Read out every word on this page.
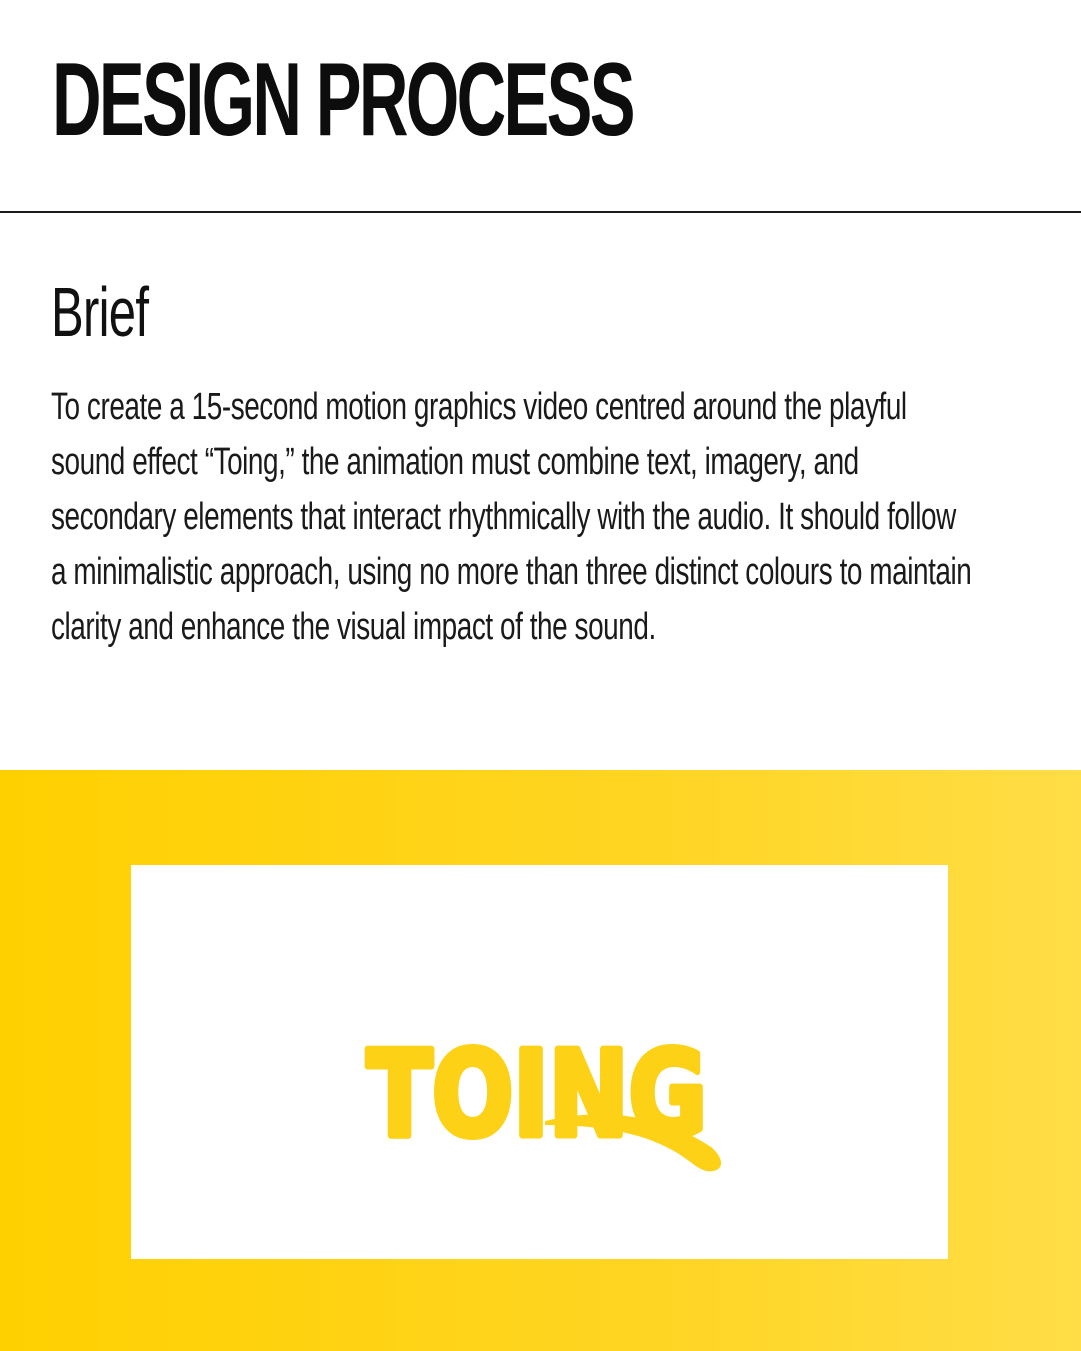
DESIGN PROCESS
Brief

To create a 15-second motion graphics video centred around the playful sound effect “Toing,” the animation must combine text, imagery, and secondary elements that interact rhythmically with the audio. It should follow a minimalistic approach, using no more than three distinct colours to maintain clarity and enhance the visual impact of the sound.

TOING
